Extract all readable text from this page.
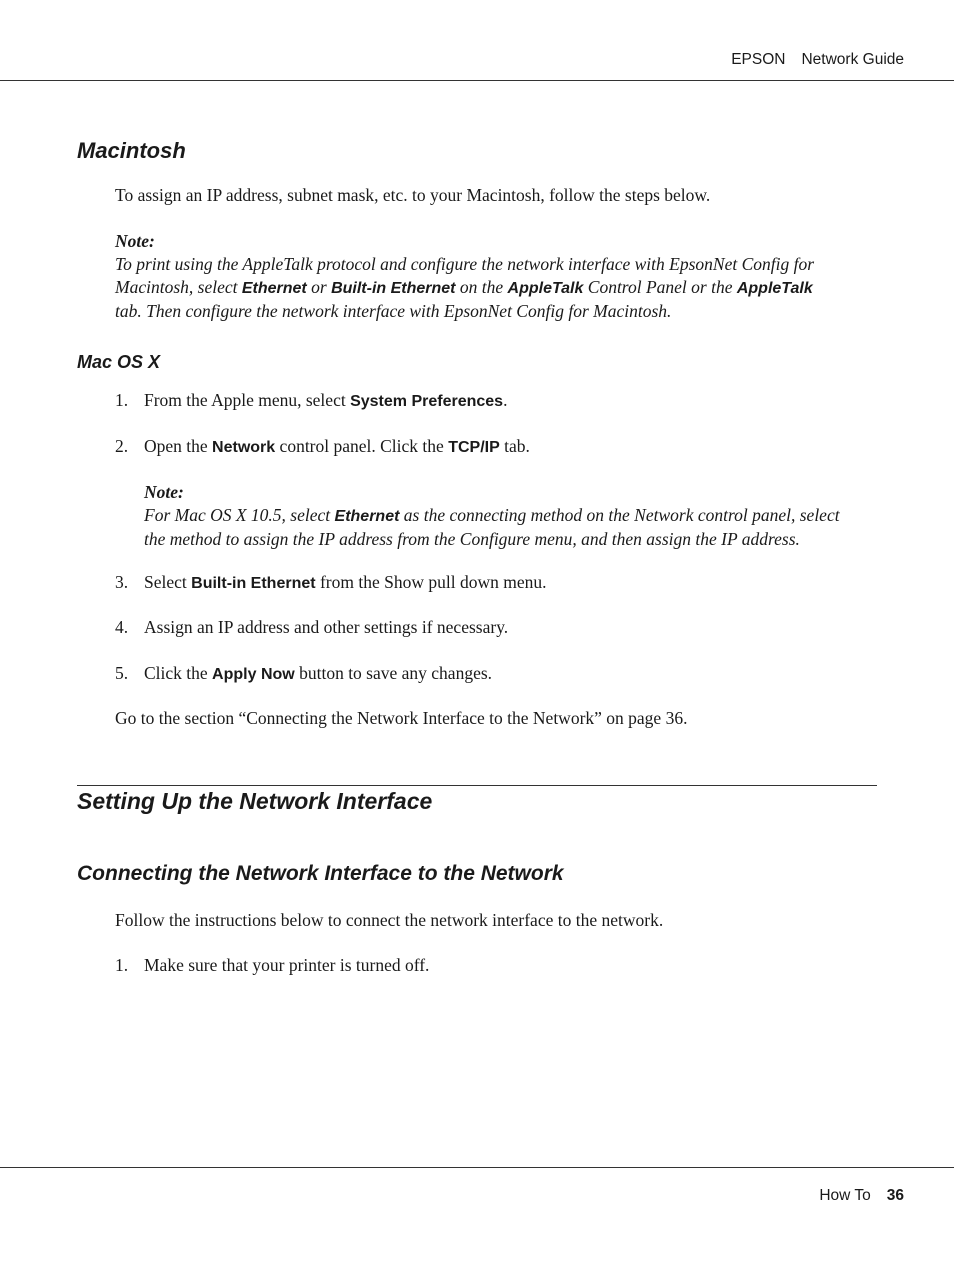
EPSON Network Guide
Macintosh
To assign an IP address, subnet mask, etc. to your Macintosh, follow the steps below.
Note:
To print using the AppleTalk protocol and configure the network interface with EpsonNet Config for
Macintosh, select Ethernet or Built-in Ethernet on the AppleTalk Control Panel or the AppleTalk
tab. Then configure the network interface with EpsonNet Config for Macintosh.
Mac OS X
1. From the Apple menu, select System Preferences.
2. Open the Network control panel. Click the TCP/IP tab.
Note:
For Mac OS X 10.5, select Ethernet as the connecting method on the Network control panel, select
the method to assign the IP address from the Configure menu, and then assign the IP address.
3. Select Built-in Ethernet from the Show pull down menu.
4. Assign an IP address and other settings if necessary.
5. Click the Apply Now button to save any changes.
Go to the section “Connecting the Network Interface to the Network” on page 36.
Setting Up the Network Interface
Connecting the Network Interface to the Network
Follow the instructions below to connect the network interface to the network.
1. Make sure that your printer is turned off.
How To 36
